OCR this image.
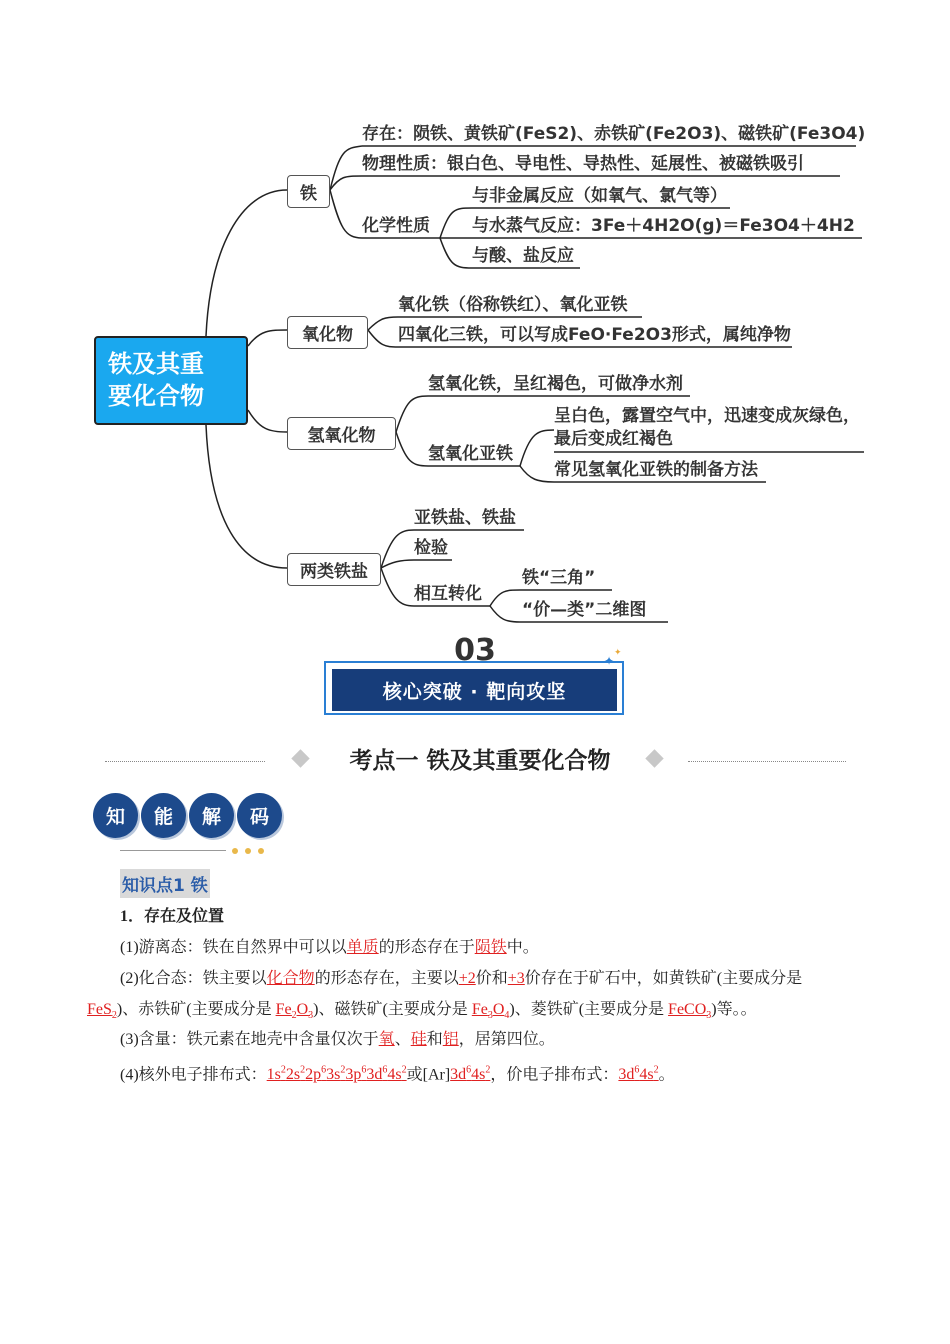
铁及其重
要化合物
铁
氧化物
氢氧化物
两类铁盐
存在：陨铁、黄铁矿(FeS2)、赤铁矿(Fe2O3)、磁铁矿(Fe3O4)
物理性质：银白色、导电性、导热性、延展性、被磁铁吸引
化学性质
与非金属反应（如氧气、氯气等）
与水蒸气反应：3Fe＋4H2O(g)＝Fe3O4＋4H2
与酸、盐反应
氧化铁（俗称铁红）、氧化亚铁
四氧化三铁，可以写成FeO·Fe2O3形式，属纯净物
氢氧化铁，呈红褐色，可做净水剂
氢氧化亚铁
呈白色，露置空气中，迅速变成灰绿色，
最后变成红褐色
常见氢氧化亚铁的制备方法
亚铁盐、铁盐
检验
相互转化
铁“三角”
“价—类”二维图
03
核心突破 · 靶向攻坚
✦
✦
考点一 铁及其重要化合物
知	能	解	码
知识点1 铁
1．存在及位置
(1)游离态：铁在自然界中可以以单质的形态存在于陨铁中。
(2)化合态：铁主要以化合物的形态存在，主要以+2价和+3价存在于矿石中，如黄铁矿(主要成分是
FeS$_2$)、赤铁矿(主要成分是 $Fe_2O_3$)、磁铁矿(主要成分是 $Fe_3O_4$)、菱铁矿(主要成分是 FeCO$_3$)等。。
(3)含量：铁元素在地壳中含量仅次于氧、硅和铝，居第四位。
(4)核外电子排布式：$1s^22s^22p^63s^23p^63d^64s^2$或$[Ar]3d^64s^2$，价电子排布式：$3d^64s^2$。
